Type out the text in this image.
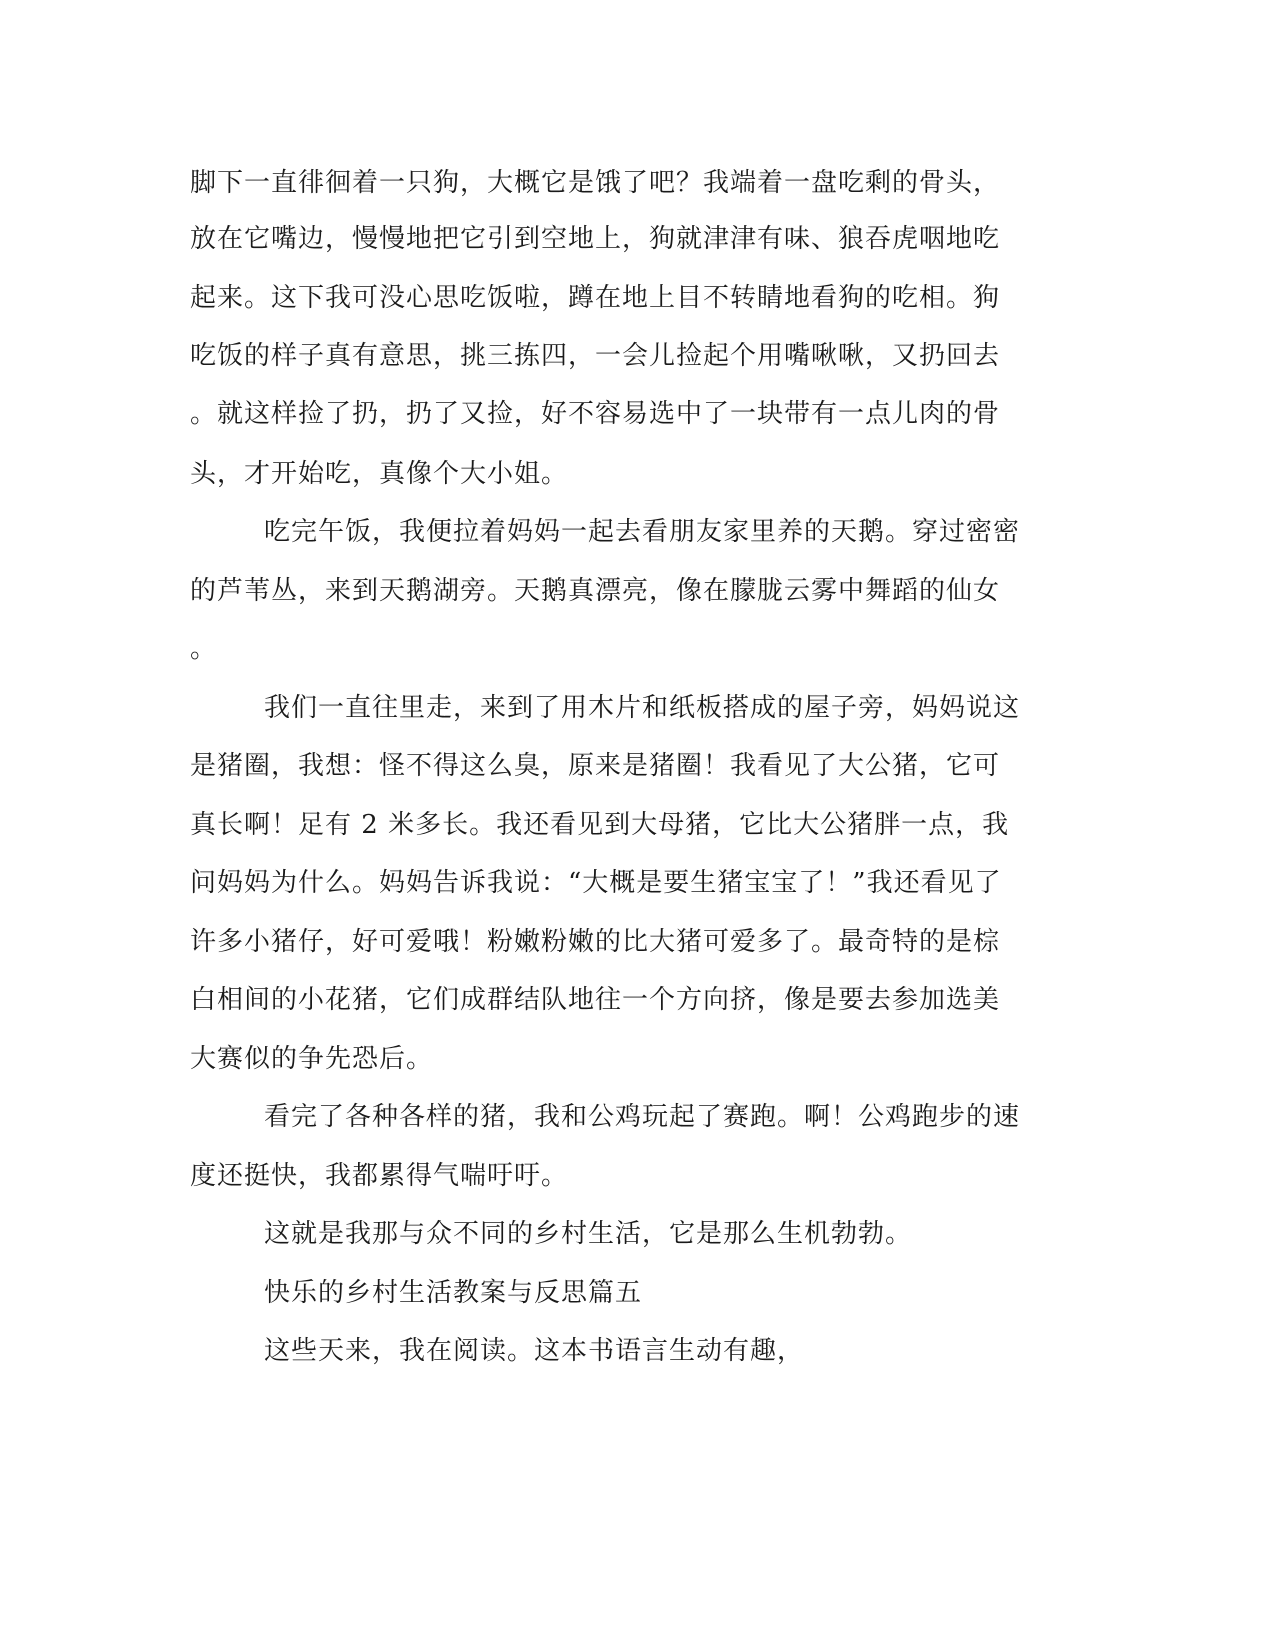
脚下一直徘徊着一只狗，大概它是饿了吧？我端着一盘吃剩的骨头，
放在它嘴边，慢慢地把它引到空地上，狗就津津有味、狼吞虎咽地吃
起来。这下我可没心思吃饭啦，蹲在地上目不转睛地看狗的吃相。狗
吃饭的样子真有意思，挑三拣四，一会儿捡起个用嘴啾啾，又扔回去
。就这样捡了扔，扔了又捡，好不容易选中了一块带有一点儿肉的骨
头，才开始吃，真像个大小姐。
吃完午饭，我便拉着妈妈一起去看朋友家里养的天鹅。穿过密密
的芦苇丛，来到天鹅湖旁。天鹅真漂亮，像在朦胧云雾中舞蹈的仙女
。
我们一直往里走，来到了用木片和纸板搭成的屋子旁，妈妈说这
是猪圈，我想：怪不得这么臭，原来是猪圈！我看见了大公猪，它可
真长啊！足有 2 米多长。我还看见到大母猪，它比大公猪胖一点，我
问妈妈为什么。妈妈告诉我说：“大概是要生猪宝宝了！”我还看见了
许多小猪仔，好可爱哦！粉嫩粉嫩的比大猪可爱多了。最奇特的是棕
白相间的小花猪，它们成群结队地往一个方向挤，像是要去参加选美
大赛似的争先恐后。
看完了各种各样的猪，我和公鸡玩起了赛跑。啊！公鸡跑步的速
度还挺快，我都累得气喘吁吁。
这就是我那与众不同的乡村生活，它是那么生机勃勃。
快乐的乡村生活教案与反思篇五
这些天来，我在阅读。这本书语言生动有趣，
